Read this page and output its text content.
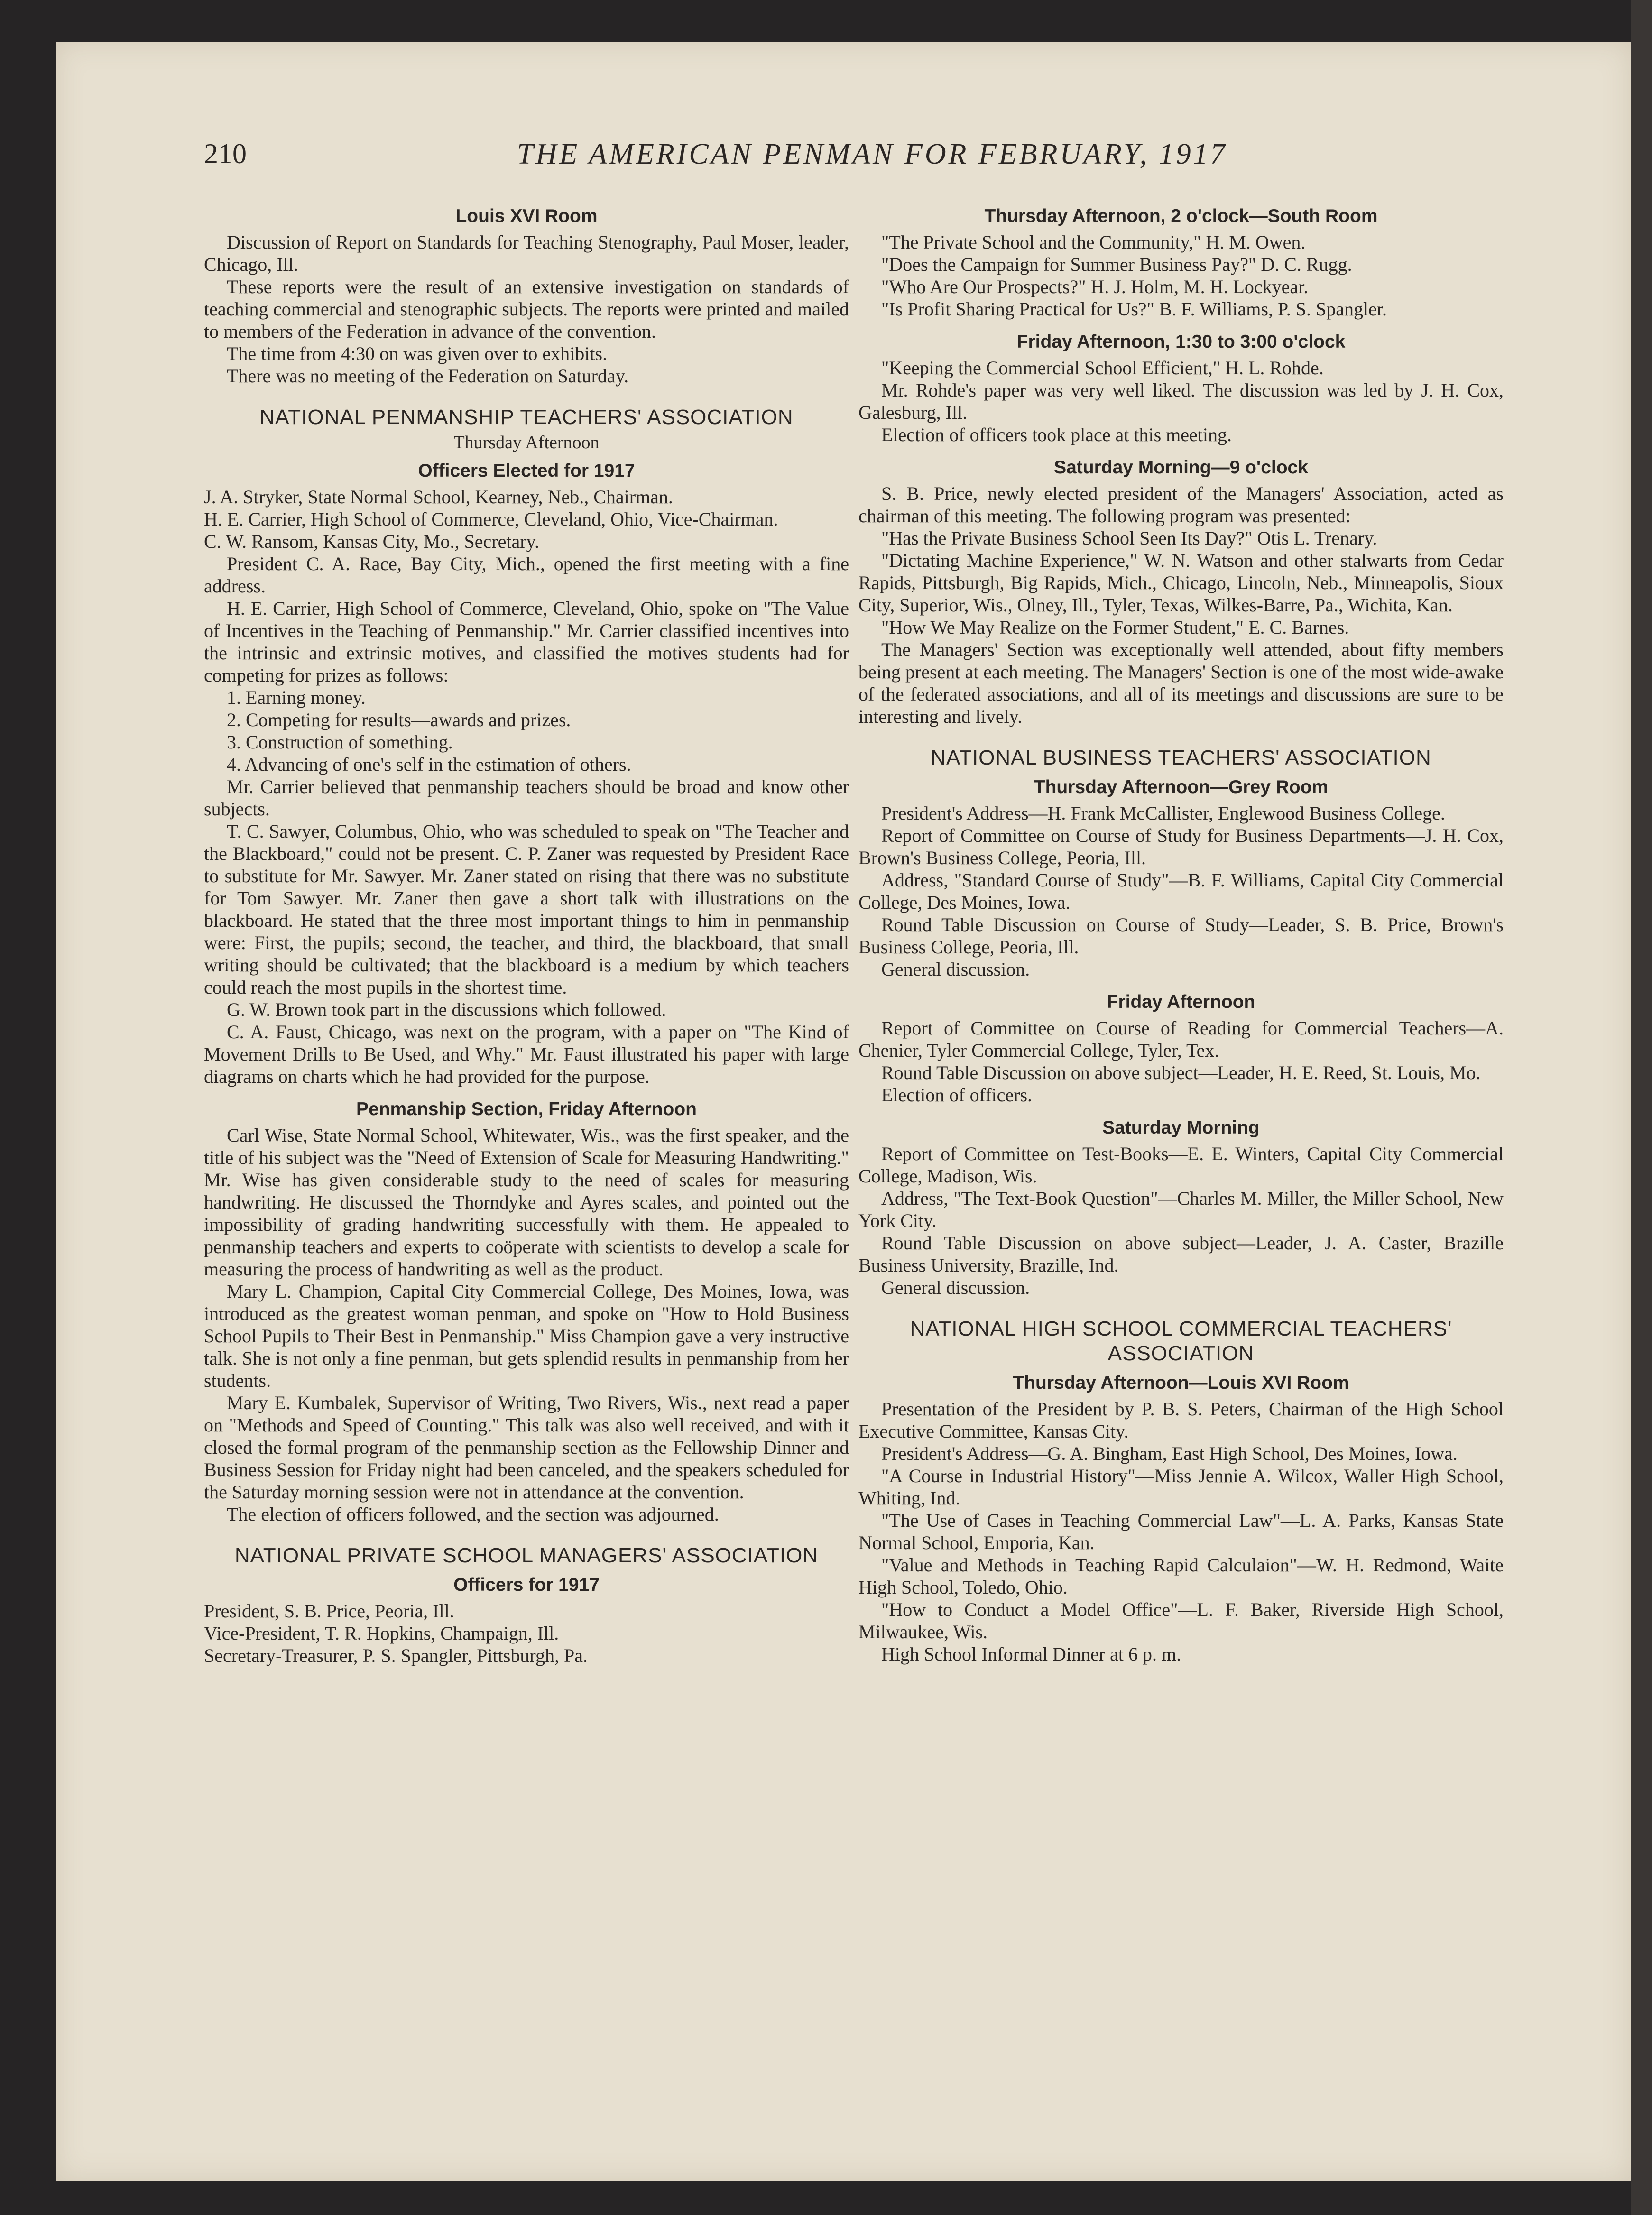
210	THE AMERICAN PENMAN FOR FEBRUARY, 1917
Louis XVI Room

Discussion of Report on Standards for Teaching Stenography, Paul Moser, leader, Chicago, Ill.

These reports were the result of an extensive investigation on standards of teaching commercial and stenographic subjects. The reports were printed and mailed to members of the Federation in advance of the convention.

The time from 4:30 on was given over to exhibits.

There was no meeting of the Federation on Saturday.

NATIONAL PENMANSHIP TEACHERS' ASSOCIATION
Thursday Afternoon
Officers Elected for 1917

J. A. Stryker, State Normal School, Kearney, Neb., Chairman.

H. E. Carrier, High School of Commerce, Cleveland, Ohio, Vice-Chairman.

C. W. Ransom, Kansas City, Mo., Secretary.

President C. A. Race, Bay City, Mich., opened the first meeting with a fine address.

H. E. Carrier, High School of Commerce, Cleveland, Ohio, spoke on "The Value of Incentives in the Teaching of Penmanship." Mr. Carrier classified incentives into the intrinsic and extrinsic motives, and classified the motives students had for competing for prizes as follows:

1. Earning money.

2. Competing for results—awards and prizes.

3. Construction of something.

4. Advancing of one's self in the estimation of others.

Mr. Carrier believed that penmanship teachers should be broad and know other subjects.

T. C. Sawyer, Columbus, Ohio, who was scheduled to speak on "The Teacher and the Blackboard," could not be present. C. P. Zaner was requested by President Race to substitute for Mr. Sawyer. Mr. Zaner stated on rising that there was no substitute for Tom Sawyer. Mr. Zaner then gave a short talk with illustrations on the blackboard. He stated that the three most important things to him in penmanship were: First, the pupils; second, the teacher, and third, the blackboard, that small writing should be cultivated; that the blackboard is a medium by which teachers could reach the most pupils in the shortest time.

G. W. Brown took part in the discussions which followed.

C. A. Faust, Chicago, was next on the program, with a paper on "The Kind of Movement Drills to Be Used, and Why." Mr. Faust illustrated his paper with large diagrams on charts which he had provided for the purpose.

Penmanship Section, Friday Afternoon

Carl Wise, State Normal School, Whitewater, Wis., was the first speaker, and the title of his subject was the "Need of Extension of Scale for Measuring Handwriting." Mr. Wise has given considerable study to the need of scales for measuring handwriting. He discussed the Thorndyke and Ayres scales, and pointed out the impossibility of grading handwriting successfully with them. He appealed to penmanship teachers and experts to coöperate with scientists to develop a scale for measuring the process of handwriting as well as the product.

Mary L. Champion, Capital City Commercial College, Des Moines, Iowa, was introduced as the greatest woman penman, and spoke on "How to Hold Business School Pupils to Their Best in Penmanship." Miss Champion gave a very instructive talk. She is not only a fine penman, but gets splendid results in penmanship from her students.

Mary E. Kumbalek, Supervisor of Writing, Two Rivers, Wis., next read a paper on "Methods and Speed of Counting." This talk was also well received, and with it closed the formal program of the penmanship section as the Fellowship Dinner and Business Session for Friday night had been canceled, and the speakers scheduled for the Saturday morning session were not in attendance at the convention.

The election of officers followed, and the section was adjourned.

NATIONAL PRIVATE SCHOOL MANAGERS' ASSOCIATION
Officers for 1917

President, S. B. Price, Peoria, Ill.

Vice-President, T. R. Hopkins, Champaign, Ill.

Secretary-Treasurer, P. S. Spangler, Pittsburgh, Pa.

Thursday Afternoon, 2 o'clock—South Room

"The Private School and the Community," H. M. Owen.

"Does the Campaign for Summer Business Pay?" D. C. Rugg.

"Who Are Our Prospects?" H. J. Holm, M. H. Lockyear.

"Is Profit Sharing Practical for Us?" B. F. Williams, P. S. Spangler.

Friday Afternoon, 1:30 to 3:00 o'clock

"Keeping the Commercial School Efficient," H. L. Rohde.

Mr. Rohde's paper was very well liked. The discussion was led by J. H. Cox, Galesburg, Ill.

Election of officers took place at this meeting.

Saturday Morning—9 o'clock

S. B. Price, newly elected president of the Managers' Association, acted as chairman of this meeting. The following program was presented:

"Has the Private Business School Seen Its Day?" Otis L. Trenary.

"Dictating Machine Experience," W. N. Watson and other stalwarts from Cedar Rapids, Pittsburgh, Big Rapids, Mich., Chicago, Lincoln, Neb., Minneapolis, Sioux City, Superior, Wis., Olney, Ill., Tyler, Texas, Wilkes-Barre, Pa., Wichita, Kan.

"How We May Realize on the Former Student," E. C. Barnes.

The Managers' Section was exceptionally well attended, about fifty members being present at each meeting. The Managers' Section is one of the most wide-awake of the federated associations, and all of its meetings and discussions are sure to be interesting and lively.

NATIONAL BUSINESS TEACHERS' ASSOCIATION
Thursday Afternoon—Grey Room

President's Address—H. Frank McCallister, Englewood Business College.

Report of Committee on Course of Study for Business Departments—J. H. Cox, Brown's Business College, Peoria, Ill.

Address, "Standard Course of Study"—B. F. Williams, Capital City Commercial College, Des Moines, Iowa.

Round Table Discussion on Course of Study—Leader, S. B. Price, Brown's Business College, Peoria, Ill.

General discussion.

Friday Afternoon

Report of Committee on Course of Reading for Commercial Teachers—A. Chenier, Tyler Commercial College, Tyler, Tex.

Round Table Discussion on above subject—Leader, H. E. Reed, St. Louis, Mo.

Election of officers.

Saturday Morning

Report of Committee on Test-Books—E. E. Winters, Capital City Commercial College, Madison, Wis.

Address, "The Text-Book Question"—Charles M. Miller, the Miller School, New York City.

Round Table Discussion on above subject—Leader, J. A. Caster, Brazille Business University, Brazille, Ind.

General discussion.

NATIONAL HIGH SCHOOL COMMERCIAL TEACHERS' ASSOCIATION
Thursday Afternoon—Louis XVI Room

Presentation of the President by P. B. S. Peters, Chairman of the High School Executive Committee, Kansas City.

President's Address—G. A. Bingham, East High School, Des Moines, Iowa.

"A Course in Industrial History"—Miss Jennie A. Wilcox, Waller High School, Whiting, Ind.

"The Use of Cases in Teaching Commercial Law"—L. A. Parks, Kansas State Normal School, Emporia, Kan.

"Value and Methods in Teaching Rapid Calculaion"—W. H. Redmond, Waite High School, Toledo, Ohio.

"How to Conduct a Model Office"—L. F. Baker, Riverside High School, Milwaukee, Wis.

High School Informal Dinner at 6 p. m.
